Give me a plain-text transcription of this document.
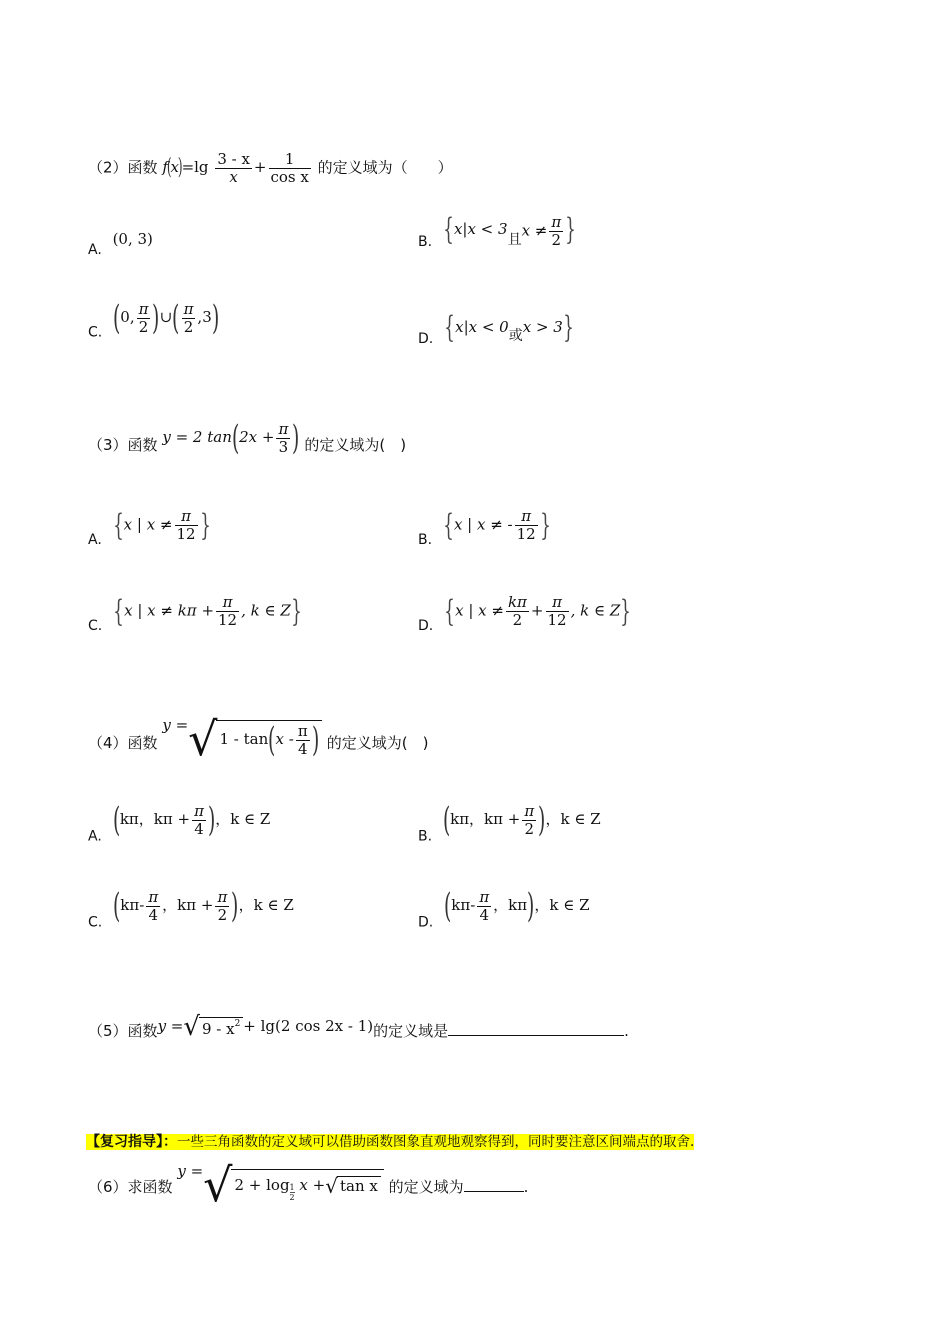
（2）函数 $f(x)=\lg \frac{3 - x}{x} + \frac{1}{\text{cos x}}$ 的定义域为（　　）
A. (0, 3)	B. {x|x < 3且$x \ne \frac{\pi}{2}$ }
C. (0, $\frac{\pi}{2}$ )∪( $\frac{\pi}{2} ,3$)
D. {x|x < 0或x > 3}
（3）函数 y = 2 $\tan(2x + \frac{\pi}{3}$ ) 的定义域为(　)
A. {x | $x \ne \frac{\pi}{12}$ }	B. {x | x ≠ - $\frac{\pi}{12}$ }
C. {x | $x \ne k\pi + \frac{\pi}{12}$ , k ∈ Z}	D. {x | $x \ne \frac{k\pi}{2} + \frac{\pi}{12}$ , k ∈ Z}
（4）函数 y =√ $1 - \tan(x - \frac{\pi}{4}$ ) 的定义域为(　)
A. (kπ，$k\pi + \frac{\pi}{4}$ )，k ∈ Z
B. (kπ，$k\pi + \frac{\pi}{2}$ )，k ∈ Z
C. ($k\pi- \frac{\pi}{4}$ ，$k\pi + \frac{\pi}{2}$ )，k ∈ Z
D. ($k\pi- \frac{\pi}{4}$ ，kπ)，k ∈ Z
（5）函数y =√ $9 - x^2 + \lg(2$ cos 2x - 1)的定义域是	.
【复习指导】：一些三角函数的定义域可以借助函数图象直观地观察得到，同时要注意区间端点的取舍.
（6）求函数 y =√ $2 + \log \frac{1}{2}$ x +√ tan x 的定义域为	.
